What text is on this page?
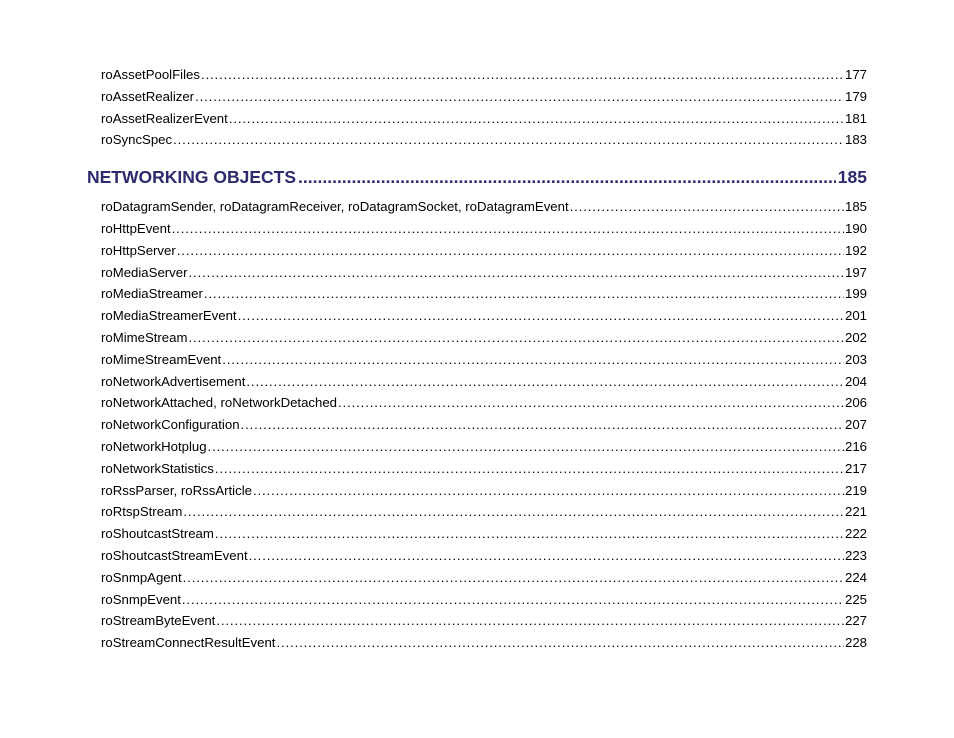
roAssetPoolFiles . . .	177
roAssetRealizer . . .	179
roAssetRealizerEvent . . .	181
roSyncSpec . . .	183
NETWORKING OBJECTS .....	185
roDatagramSender, roDatagramReceiver, roDatagramSocket, roDatagramEvent . . .	185
roHttpEvent . . .	190
roHttpServer . . .	192
roMediaServer . . .	197
roMediaStreamer . . .	199
roMediaStreamerEvent . . .	201
roMimeStream . . .	202
roMimeStreamEvent . . .	203
roNetworkAdvertisement . . .	204
roNetworkAttached, roNetworkDetached . . .	206
roNetworkConfiguration . . .	207
roNetworkHotplug . . .	216
roNetworkStatistics . . .	217
roRssParser, roRssArticle . . .	219
roRtspStream . . .	221
roShoutcastStream . . .	222
roShoutcastStreamEvent . . .	223
roSnmpAgent . . .	224
roSnmpEvent . . .	225
roStreamByteEvent . . .	227
roStreamConnectResultEvent . . .	228
